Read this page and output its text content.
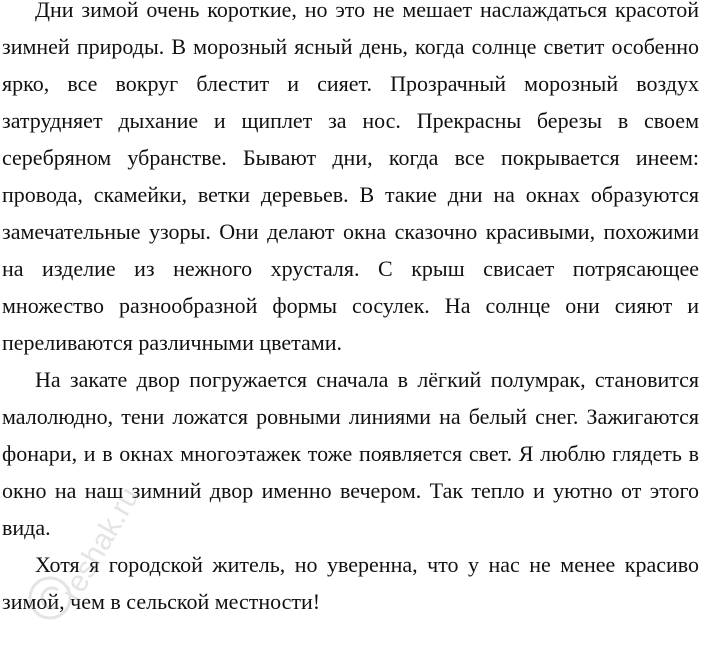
Дни зимой очень короткие, но это не мешает наслаждаться красотой зимней природы. В морозный ясный день, когда солнце светит особенно ярко, все вокруг блестит и сияет. Прозрачный морозный воздух затрудняет дыхание и щиплет за нос. Прекрасны березы в своем серебряном убранстве. Бывают дни, когда все покрывается инеем: провода, скамейки, ветки деревьев. В такие дни на окнах образуются замечательные узоры. Они делают окна сказочно красивыми, похожими на изделие из нежного хрусталя. С крыш свисает потрясающее множество разнообразной формы сосулек. На солнце они сияют и переливаются различными цветами.

На закате двор погружается сначала в лёгкий полумрак, становится малолюдно, тени ложатся ровными линиями на белый снег. Зажигаются фонари, и в окнах многоэтажек тоже появляется свет. Я люблю глядеть в окно на наш зимний двор именно вечером. Так тепло и уютно от этого вида.

Хотя я городской житель, но уверенна, что у нас не менее красиво зимой, чем в сельской местности!

reshak.ru
